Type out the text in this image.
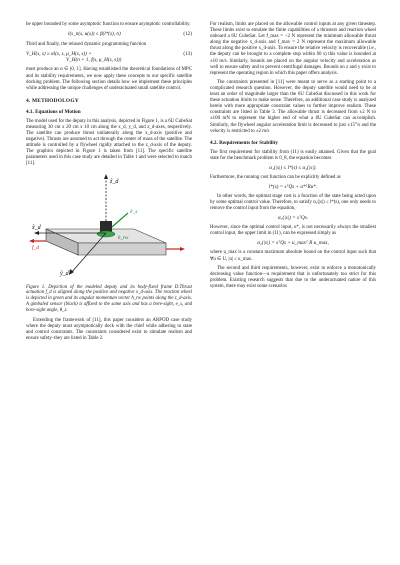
be upper bounded by some asymptotic function to ensure asymptotic controllability.

l(s_n(s, u(s)) ≤ β(l*(s), n)	(12)

Third and finally, the relaxed dynamic programming function

V_H(s, s) ≥ αl(s, s, μ_H(s, s)) +	(13)
V_H(n + 1, f(s, μ_H(s, s)))

must produce an α ∈ (0, 1]. Having established the theoretical foundations of MPC and its stability requirements, we now apply these concepts to our specific satellite docking problem. The following section details how we implement these principles while addressing the unique challenges of underactuated small satellite control.

4. METHODOLOGY
4.1. Equations of Motion

The model used for the deputy in this analysis, depicted in Figure 1, is a 6U CubeSat measuring 30 cm x 20 cm x 10 cm along the x_d, y_d, and z_d-axes, respectively. The satellite can produce thrust unilaterally along the x_d-axis (positive and negative). Thrusts are assumed to act through the center of mass of the satellite. The attitude is controlled by a flywheel rigidly attached to the z_d-axis of the deputy. The graphics depicted in Figure 1 is taken from [11]. The specific satellite parameters used in this case study are detailed in Table 1 and were selected to match [11].

ẑ_d
x̂_d
ŷ_d
f_d
ê_s
h_rw
Figure 1. Depiction of the modeled deputy and its body-fixed frame D.Thrust actuation f_d is aligned along the positive and negative x_d-axis. The reaction wheel is depicted in green and its angular momentum vector h_rw points along the z_d-axis. A gimbaled sensor (black) is affixed to the same axis and has a bore-sight, e_s, and bore-sight angle, θ_s.

Extending the framework of [11], this paper considers an ARPOD case study where the deputy must asymptotically dock with the chief while adhering to state and control constraints. The constraints considered exist to simulate realism and ensure safety–they are listed in Table 2.

For realism, limits are placed on the allowable control inputs at any given timestep. These limits exist to emulate the finite capabilities of a thrusters and reaction wheel onboard a 6U CubeSat. Let f_max = −2 N represent the minimum allowable thrust along the negative x_d-axis and f_max = 2 N represent the maximum allowable thrust along the positive x_d-axis. To ensure the relative velocity is recoverable (i.e., the deputy can be brought to a complete stop within 60 s) this value is bounded at ±10 m/s. Similarly, bounds are placed on the angular velocity and acceleration as well to ensure safety and to prevent centrifugal damages. Bounds on z and y exist to represent the operating region in which this paper offers analysis.

The constraints presented in [11] were meant to serve as a starting point to a complicated research question. However, the deputy satellite would need to be at least an order of magnitude larger than the 6U CubeSat discussed in this work for these actuation limits to make sense. Therefore, an additional case study is analyzed herein with more appropriate constraint values to further improve realism. These constraints are listed in Table 3. The allowable thrust is decreased from ±2 N to ±100 mN to represent the higher end of what a 6U CubeSat can accomplish. Similarly, the flywheel angular acceleration limit is decreased to just ±15°/s and the velocity is restricted to ±2 m/s

4.2. Requirements for Stability

The first requirement for stability from (11) is easily attained. Given that the goal state for the benchmark problem is 0_8, the equation becomes

α₁(|s|) ≤ l*(s) ≤ α₂(|s|).

Furthermore, the running cost function can be explicitly defined as

l*(s) = sᵀQs + u*ᵀRu*.

In other words, the optimal stage cost is a function of the state being acted upon by some optimal control value. Therefore, to satisfy α₁(|s|) ≤ l*(s), one only needs to remove the control input from the equation,

α₁(|s|) = sᵀQs.

However, since the optimal control input, u*, is not necessarily always the smallest control input, the upper limit in (11), can be expressed simply as

α₂(|s|) = sᵀQs + u_maxᵀ R u_max,

where u_max is a constant maximum absolute bound on the control input such that ∀u ∈ U, |u| ≤ u_max.

The second and third requirements, however, exist to enforce a monotonically decreasing value function—a requirement that is unfortunately too strict for this problem. Existing research suggests that due to the underactuated nature of this system, there may exist some scenarios
